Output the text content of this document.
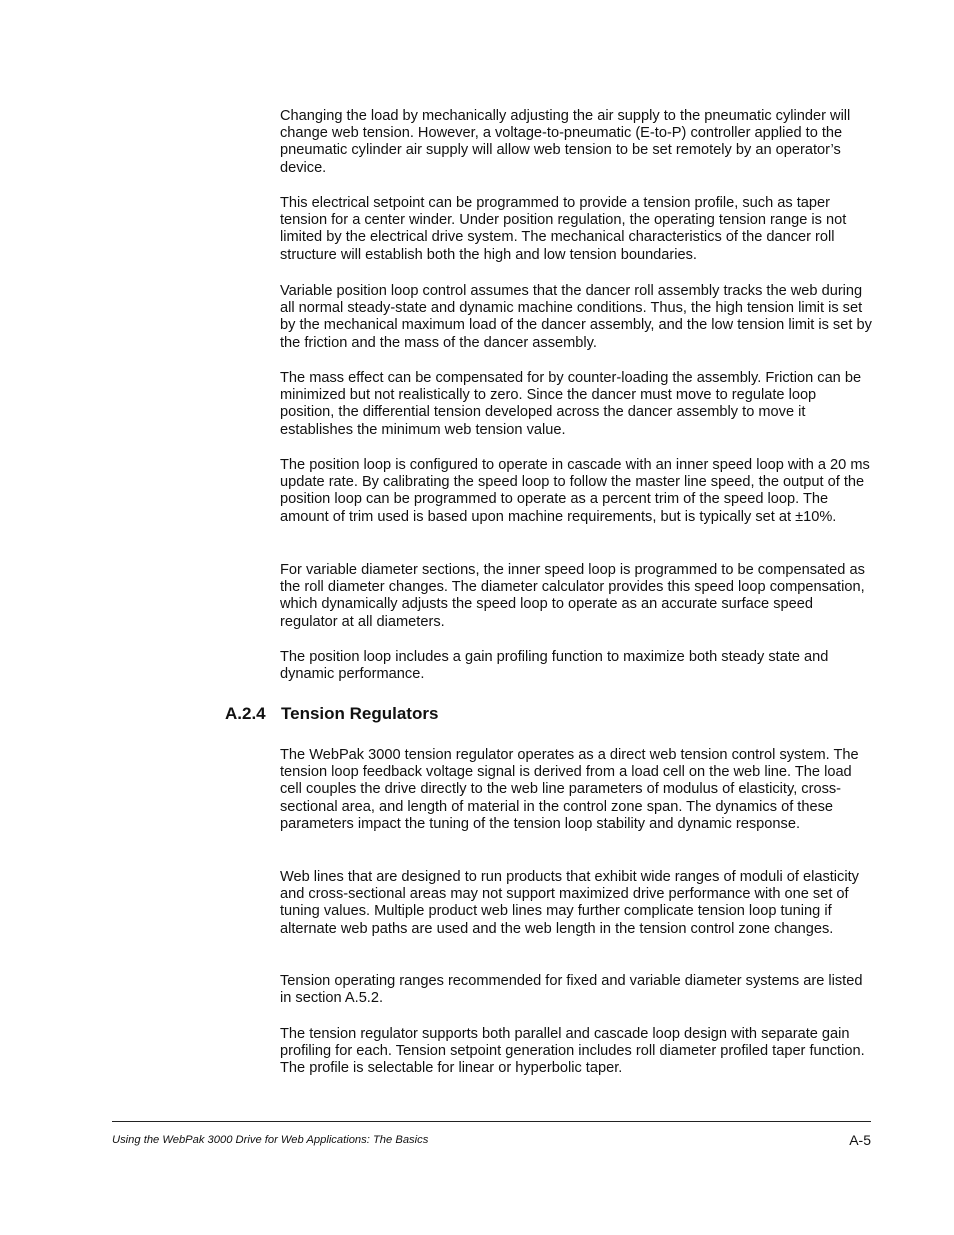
Changing the load by mechanically adjusting the air supply to the pneumatic cylinder will change web tension. However, a voltage-to-pneumatic (E-to-P) controller applied to the pneumatic cylinder air supply will allow web tension to be set remotely by an operator’s device.

This electrical setpoint can be programmed to provide a tension profile, such as taper tension for a center winder. Under position regulation, the operating tension range is not limited by the electrical drive system. The mechanical characteristics of the dancer roll structure will establish both the high and low tension boundaries.

Variable position loop control assumes that the dancer roll assembly tracks the web during all normal steady-state and dynamic machine conditions. Thus, the high tension limit is set by the mechanical maximum load of the dancer assembly, and the low tension limit is set by the friction and the mass of the dancer assembly.

The mass effect can be compensated for by counter-loading the assembly. Friction can be minimized but not realistically to zero. Since the dancer must move to regulate loop position, the differential tension developed across the dancer assembly to move it establishes the minimum web tension value.

The position loop is configured to operate in cascade with an inner speed loop with a 20 ms update rate. By calibrating the speed loop to follow the master line speed, the output of the position loop can be programmed to operate as a percent trim of the speed loop. The amount of trim used is based upon machine requirements, but is typically set at ±10%.

For variable diameter sections, the inner speed loop is programmed to be compensated as the roll diameter changes. The diameter calculator provides this speed loop compensation, which dynamically adjusts the speed loop to operate as an accurate surface speed regulator at all diameters.

The position loop includes a gain profiling function to maximize both steady state and dynamic performance.

A.2.4 Tension Regulators

The WebPak 3000 tension regulator operates as a direct web tension control system. The tension loop feedback voltage signal is derived from a load cell on the web line. The load cell couples the drive directly to the web line parameters of modulus of elasticity, cross-sectional area, and length of material in the control zone span. The dynamics of these parameters impact the tuning of the tension loop stability and dynamic response.

Web lines that are designed to run products that exhibit wide ranges of moduli of elasticity and cross-sectional areas may not support maximized drive performance with one set of tuning values. Multiple product web lines may further complicate tension loop tuning if alternate web paths are used and the web length in the tension control zone changes.

Tension operating ranges recommended for fixed and variable diameter systems are listed in section A.5.2.

The tension regulator supports both parallel and cascade loop design with separate gain profiling for each. Tension setpoint generation includes roll diameter profiled taper function. The profile is selectable for linear or hyperbolic taper.

Using the WebPak 3000 Drive for Web Applications: The Basics	A-5
